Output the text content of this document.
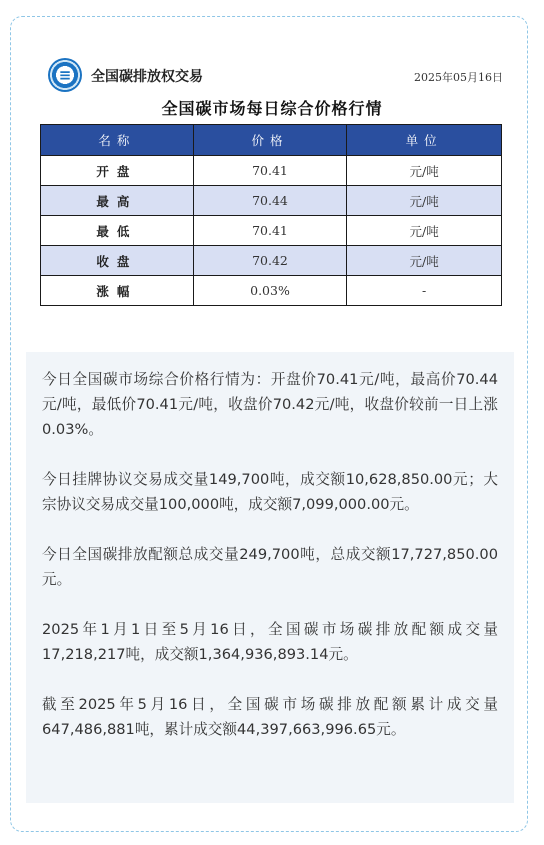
≡ 全国碳排放权交易	2025年05月16日
全国碳市场每日综合价格行情
名称	价格	单位
开盘	70.41	元/吨
最高	70.44	元/吨
最低	70.41	元/吨
收盘	70.42	元/吨
涨幅	0.03%	-

今日全国碳市场综合价格行情为：开盘价70.41元/吨，最高价70.44元/吨，最低价70.41元/吨，收盘价70.42元/吨，收盘价较前一日上涨0.03%。

今日挂牌协议交易成交量149,700吨，成交额10,628,850.00元；大宗协议交易成交量100,000吨，成交额7,099,000.00元。

今日全国碳排放配额总成交量249,700吨，总成交额17,727,850.00元。

2025年1月1日至5月16日，全国碳市场碳排放配额成交量17,218,217吨，成交额1,364,936,893.14元。

截至2025年5月16日，全国碳市场碳排放配额累计成交量647,486,881吨，累计成交额44,397,663,996.65元。
